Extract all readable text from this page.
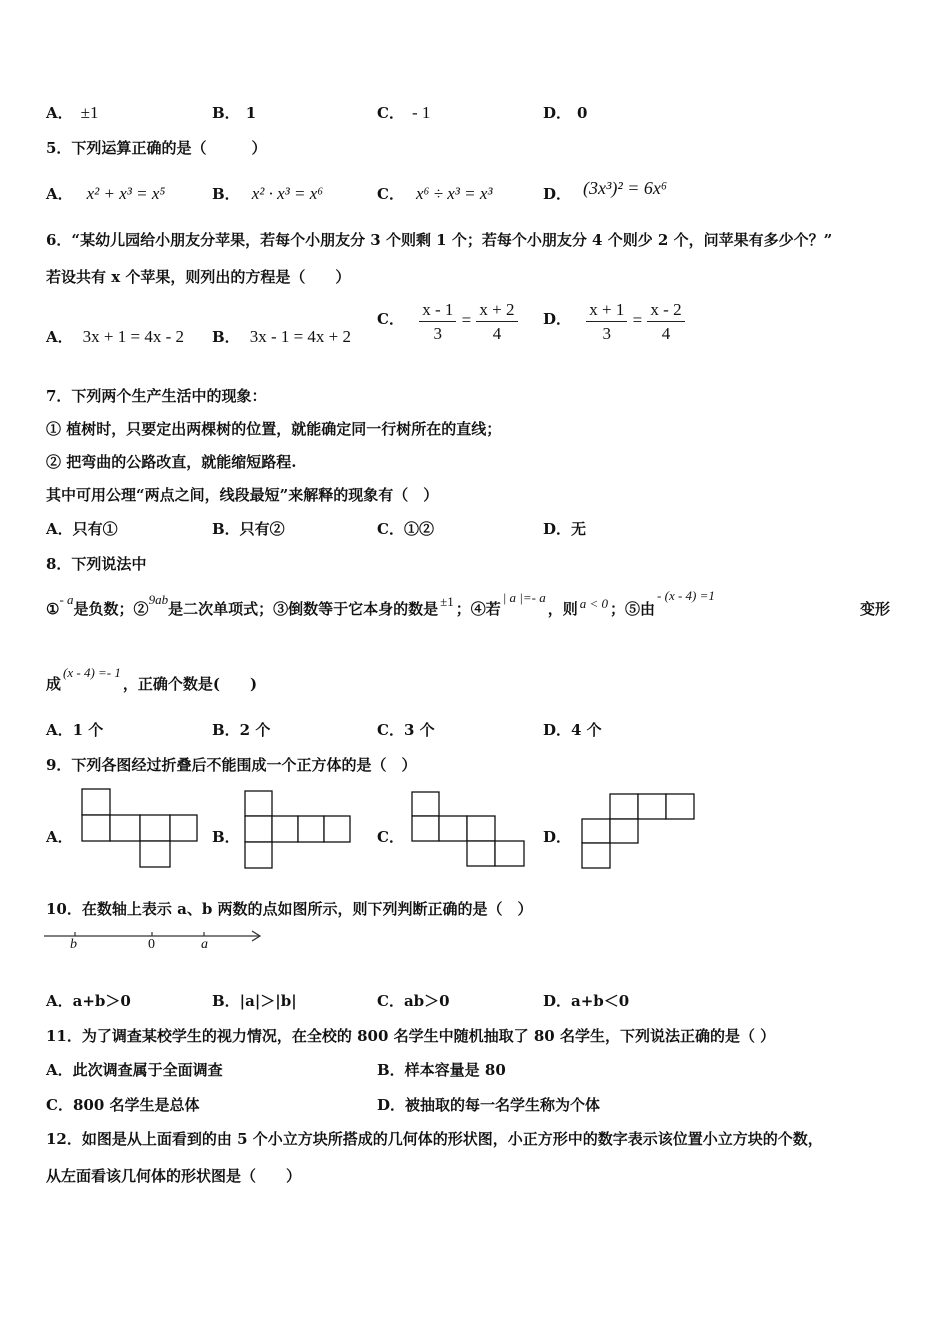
A． ±1	B． 1	C． - 1	D． 0
5．下列运算正确的是（　　　）
A． x² + x³ = x⁵	B． x² · x³ = x⁶	C． x⁶ ÷ x³ = x³	D． (3x³)² = 6x⁶
6．“某幼儿园给小朋友分苹果，若每个小朋友分 3 个则剩 1 个；若每个小朋友分 4 个则少 2 个，问苹果有多少个？”
若设共有 x 个苹果，则列出的方程是（　　）
A． 3x + 1 = 4x - 2 B． 3x - 1 = 4x + 2
C． $\frac{x - 1}{3} = \frac{x + 2}{4}$ D． $\frac{x + 1}{3} = \frac{x - 2}{4}$
7．下列两个生产生活中的现象：
① 植树时，只要定出两棵树的位置，就能确定同一行树所在的直线；
② 把弯曲的公路改直，就能缩短路程.
其中可用公理“两点之间，线段最短”来解释的现象有（　）
A．只有①	B．只有②	C．①②	D．无
8．下列说法中
①- a是负数；②9ab是二次单项式；③倒数等于它本身的数是 ±1 ；④若| a |=- a，则 a < 0 ；⑤由- (x - 4) =1
变形
成(x - 4) =- 1，正确个数是(　　)
A．1 个	B．2 个	C．3 个	D．4 个
9．下列各图经过折叠后不能围成一个正方体的是（　）
A．	B．	C．	D．
10．在数轴上表示 a、b 两数的点如图所示，则下列判断正确的是（　）
b	0	a
A．a+b＞0	B．|a|＞|b|	C．ab＞0	D．a+b＜0
11．为了调查某校学生的视力情况，在全校的 800 名学生中随机抽取了 80 名学生，下列说法正确的是（ ）
A．此次调查属于全面调查	B．样本容量是 80
C．800 名学生是总体	D．被抽取的每一名学生称为个体
12．如图是从上面看到的由 5 个小立方块所搭成的几何体的形状图，小正方形中的数字表示该位置小立方块的个数，
从左面看该几何体的形状图是（　　）
